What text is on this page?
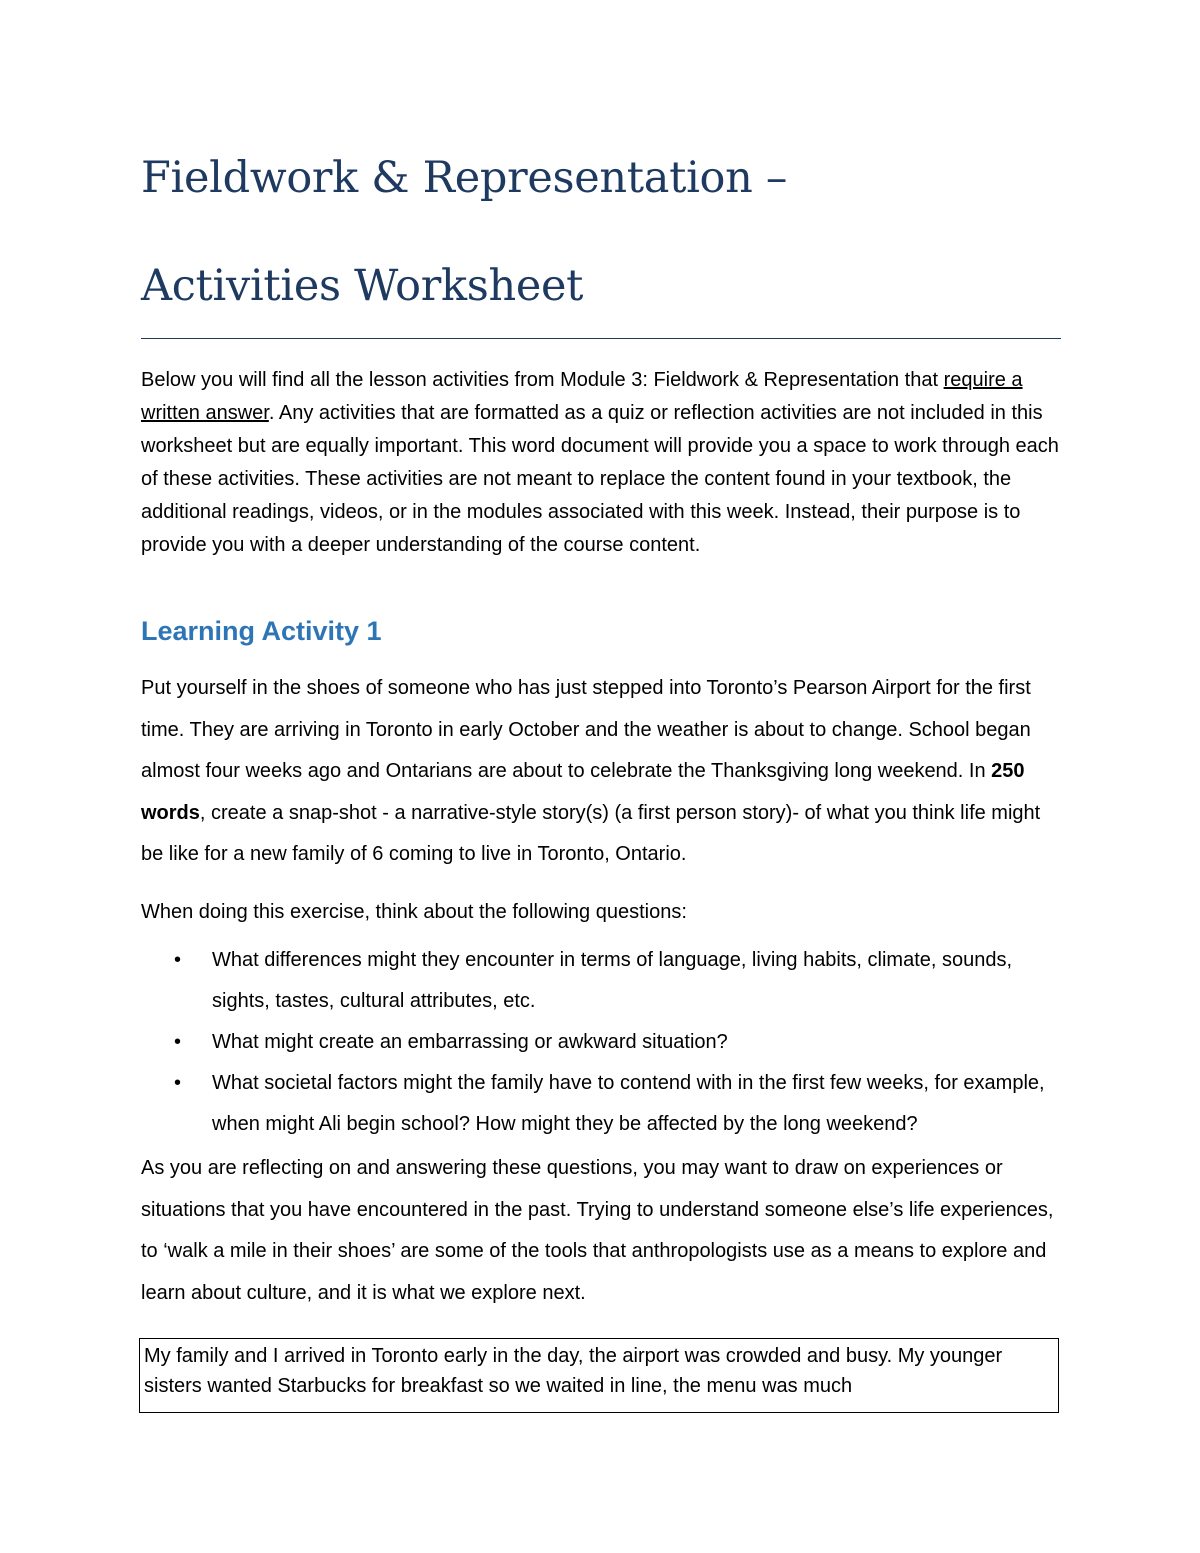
Fieldwork & Representation –
Activities Worksheet

Below you will find all the lesson activities from Module 3: Fieldwork & Representation that require a written answer. Any activities that are formatted as a quiz or reflection activities are not included in this worksheet but are equally important. This word document will provide you a space to work through each of these activities. These activities are not meant to replace the content found in your textbook, the additional readings, videos, or in the modules associated with this week. Instead, their purpose is to provide you with a deeper understanding of the course content.

Learning Activity 1

Put yourself in the shoes of someone who has just stepped into Toronto’s Pearson Airport for the first time. They are arriving in Toronto in early October and the weather is about to change. School began almost four weeks ago and Ontarians are about to celebrate the Thanksgiving long weekend. In 250 words, create a snap-shot - a narrative-style story(s) (a first person story)- of what you think life might be like for a new family of 6 coming to live in Toronto, Ontario.

When doing this exercise, think about the following questions:

• What differences might they encounter in terms of language, living habits, climate, sounds, sights, tastes, cultural attributes, etc.
• What might create an embarrassing or awkward situation?
• What societal factors might the family have to contend with in the first few weeks, for example, when might Ali begin school? How might they be affected by the long weekend?

As you are reflecting on and answering these questions, you may want to draw on experiences or situations that you have encountered in the past. Trying to understand someone else’s life experiences, to ‘walk a mile in their shoes’ are some of the tools that anthropologists use as a means to explore and learn about culture, and it is what we explore next.

My family and I arrived in Toronto early in the day, the airport was crowded and busy. My younger sisters wanted Starbucks for breakfast so we waited in line, the menu was much
